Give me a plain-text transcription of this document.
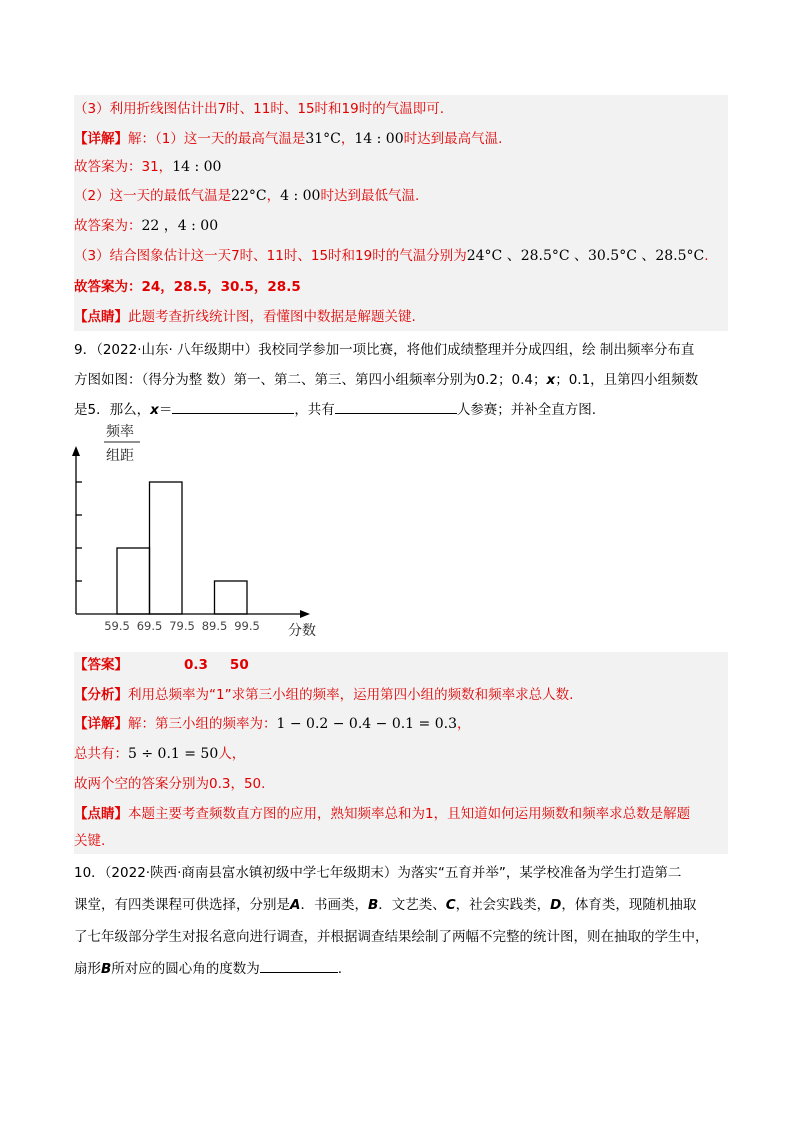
（3）利用折线图估计出7时、11时、15时和19时的气温即可.
【详解】解：（1）这一天的最高气温是31°C，14 : 00时达到最高气温.
故答案为：31，14 : 00
（2）这一天的最低气温是22°C，4 : 00时达到最低气温.
故答案为：22 ，4 : 00
（3）结合图象估计这一天7时、11时、15时和19时的气温分别为24°C 、28.5°C 、30.5°C 、28.5°C.
故答案为：24，28.5，30.5，28.5
【点睛】此题考查折线统计图，看懂图中数据是解题关键.
9．（2022·山东· 八年级期中）我校同学参加一项比赛，将他们成绩整理并分成四组，绘 制出频率分布直
方图如图：（得分为整 数）第一、第二、第三、第四小组频率分别为0.2；0.4；x；0.1，且第四小组频数
是5．那么，x＝	，共有	人参赛；并补全直方图.
59.5 69.5 79.5 89.5 99.5
频率
组距
分数
【答案】	0.3 50
【分析】利用总频率为“1”求第三小组的频率，运用第四小组的频数和频率求总人数.
【详解】解：第三小组的频率为：1 − 0.2 − 0.4 − 0.1 = 0.3，
总共有：5 ÷ 0.1 = 50人，
故两个空的答案分别为0.3，50.
【点睛】本题主要考查频数直方图的应用，熟知频率总和为1，且知道如何运用频数和频率求总数是解题
关键.
10．（2022·陕西·商南县富水镇初级中学七年级期末）为落实“五育并举”，某学校准备为学生打造第二
课堂，有四类课程可供选择，分别是A．书画类，B．文艺类、C，社会实践类，D，体育类，现随机抽取
了七年级部分学生对报名意向进行调查，并根据调查结果绘制了两幅不完整的统计图，则在抽取的学生中，
扇形B所对应的圆心角的度数为	.
